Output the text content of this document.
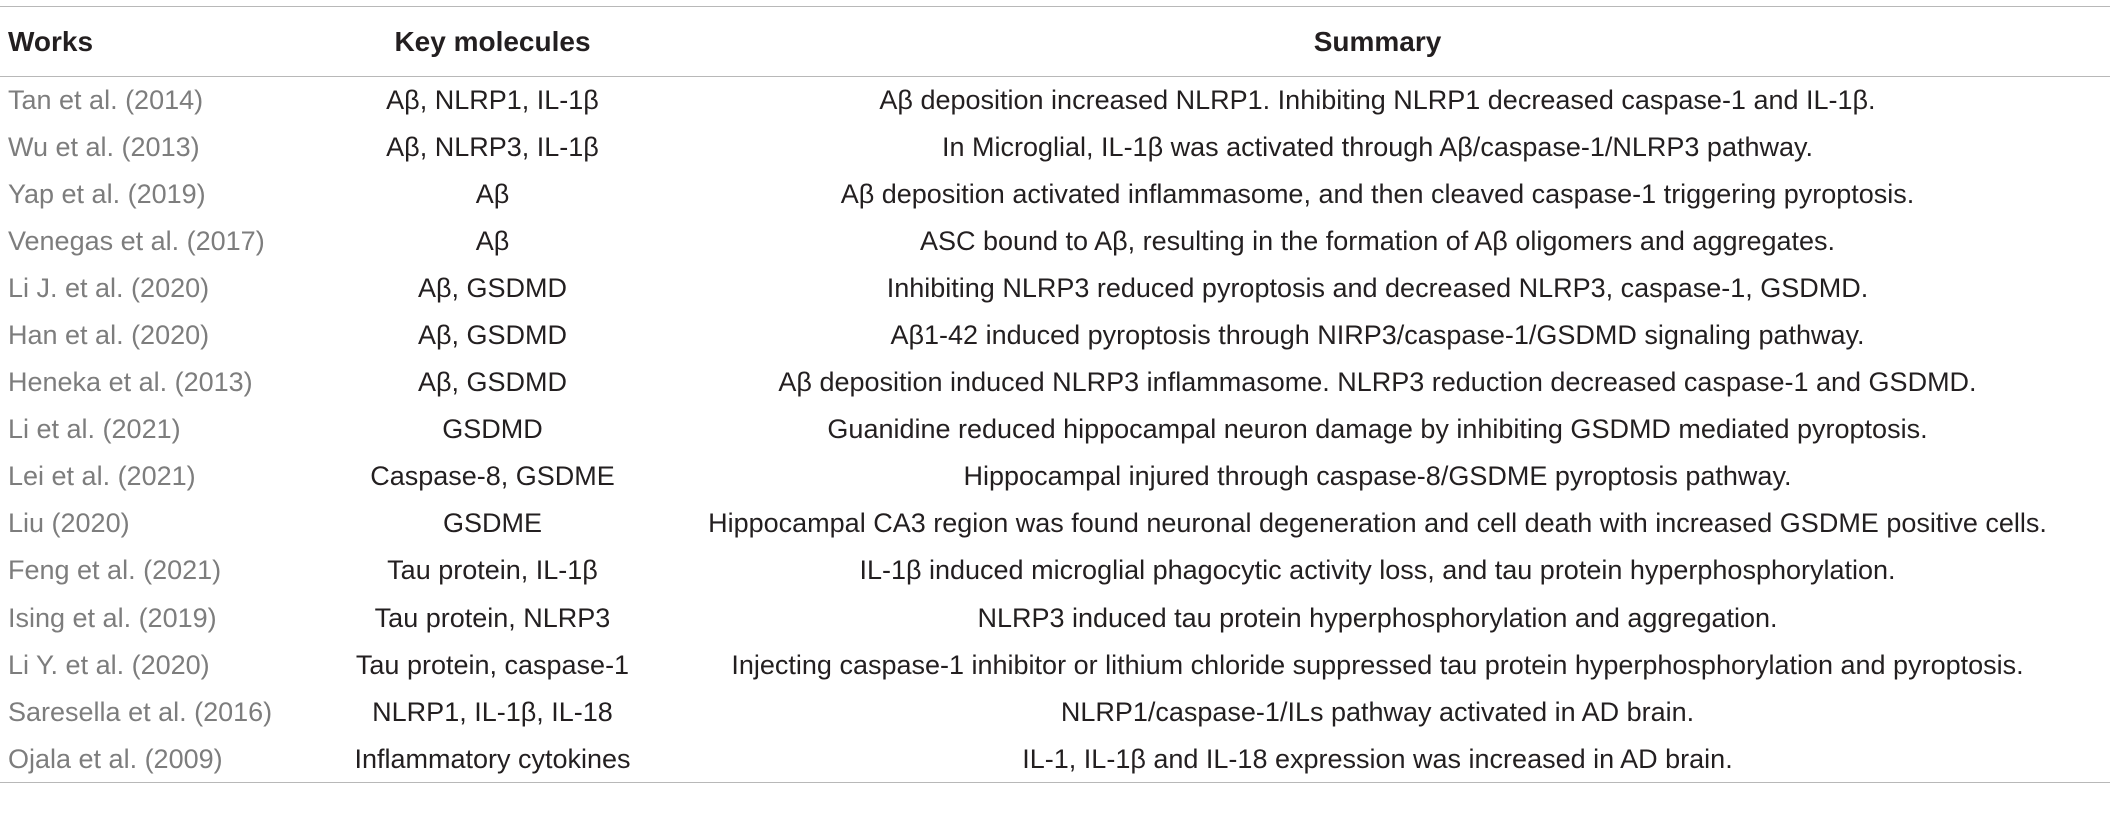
Works	Key molecules	Summary
Tan et al. (2014)	Aβ, NLRP1, IL-1β	Aβ deposition increased NLRP1. Inhibiting NLRP1 decreased caspase-1 and IL-1β.
Wu et al. (2013)	Aβ, NLRP3, IL-1β	In Microglial, IL-1β was activated through Aβ/caspase-1/NLRP3 pathway.
Yap et al. (2019)	Aβ	Aβ deposition activated inflammasome, and then cleaved caspase-1 triggering pyroptosis.
Venegas et al. (2017)	Aβ	ASC bound to Aβ, resulting in the formation of Aβ oligomers and aggregates.
Li J. et al. (2020)	Aβ, GSDMD	Inhibiting NLRP3 reduced pyroptosis and decreased NLRP3, caspase-1, GSDMD.
Han et al. (2020)	Aβ, GSDMD	Aβ1-42 induced pyroptosis through NIRP3/caspase-1/GSDMD signaling pathway.
Heneka et al. (2013)	Aβ, GSDMD	Aβ deposition induced NLRP3 inflammasome. NLRP3 reduction decreased caspase-1 and GSDMD.
Li et al. (2021)	GSDMD	Guanidine reduced hippocampal neuron damage by inhibiting GSDMD mediated pyroptosis.
Lei et al. (2021)	Caspase-8, GSDME	Hippocampal injured through caspase-8/GSDME pyroptosis pathway.
Liu (2020)	GSDME	Hippocampal CA3 region was found neuronal degeneration and cell death with increased GSDME positive cells.
Feng et al. (2021)	Tau protein, IL-1β	IL-1β induced microglial phagocytic activity loss, and tau protein hyperphosphorylation.
Ising et al. (2019)	Tau protein, NLRP3	NLRP3 induced tau protein hyperphosphorylation and aggregation.
Li Y. et al. (2020)	Tau protein, caspase-1	Injecting caspase-1 inhibitor or lithium chloride suppressed tau protein hyperphosphorylation and pyroptosis.
Saresella et al. (2016)	NLRP1, IL-1β, IL-18	NLRP1/caspase-1/ILs pathway activated in AD brain.
Ojala et al. (2009)	Inflammatory cytokines	IL-1, IL-1β and IL-18 expression was increased in AD brain.
